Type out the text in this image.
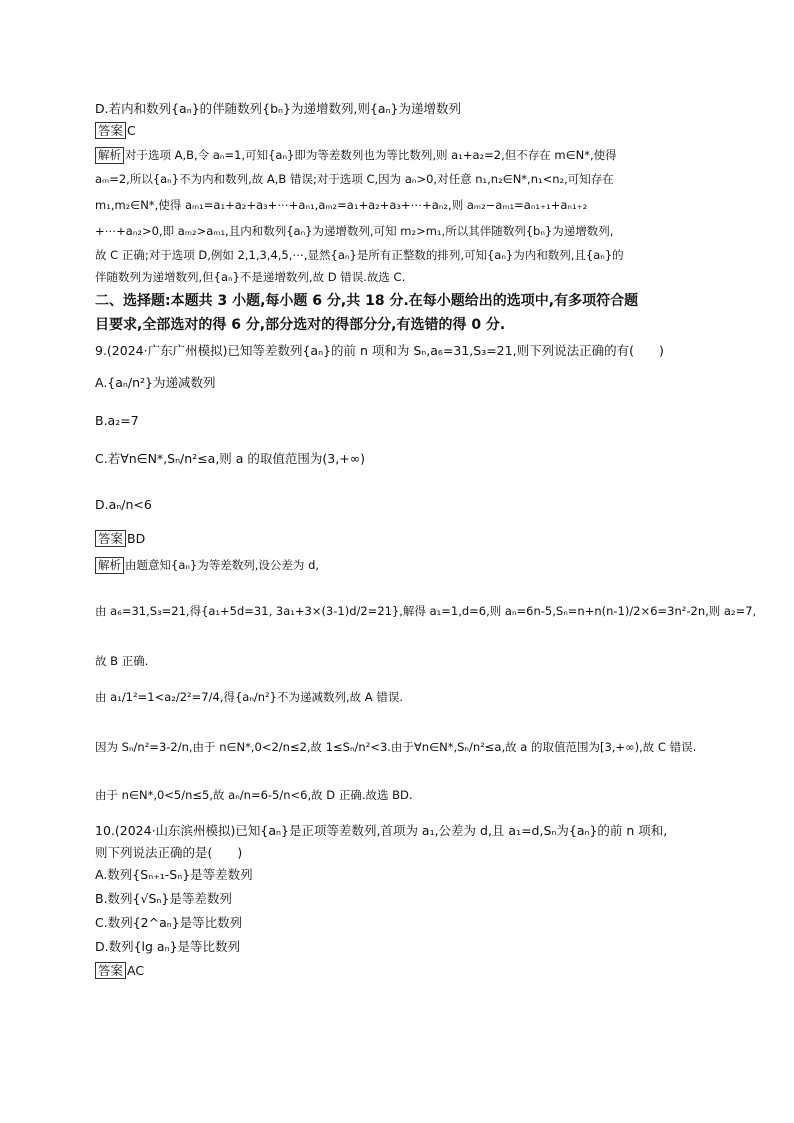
D.若内和数列{aₙ}的伴随数列{bₙ}为递增数列,则{aₙ}为递增数列
答案 C
解析 对于选项 A,B,令 aₙ=1,可知{aₙ}即为等差数列也为等比数列,则 a₁+a₂=2,但不存在 m∈N*,使得
aₘ=2,所以{aₙ}不为内和数列,故 A,B 错误;对于选项 C,因为 aₙ>0,对任意 n₁,n₂∈N*,n₁<n₂,可知存在
m₁,m₂∈N*,使得 aₘ₁=a₁+a₂+a₃+⋯+aₙ₁,aₘ₂=a₁+a₂+a₃+⋯+aₙ₂,则 aₘ₂−aₘ₁=aₙ₁₊₁+aₙ₁₊₂
+⋯+aₙ₂>0,即 aₘ₂>aₘ₁,且内和数列{aₙ}为递增数列,可知 m₂>m₁,所以其伴随数列{bₙ}为递增数列,
故 C 正确;对于选项 D,例如 2,1,3,4,5,⋯,显然{aₙ}是所有正整数的排列,可知{aₙ}为内和数列,且{aₙ}的
伴随数列为递增数列,但{aₙ}不是递增数列,故 D 错误.故选 C.
二、选择题:本题共 3 小题,每小题 6 分,共 18 分.在每小题给出的选项中,有多项符合题
目要求,全部选对的得 6 分,部分选对的得部分分,有选错的得 0 分.
9.(2024·广东广州模拟)已知等差数列{aₙ}的前 n 项和为 Sₙ,a₆=31,S₃=21,则下列说法正确的有(　　)
A.{aₙ/n²}为递减数列
B.a₂=7
C.若∀n∈N*,Sₙ/n²≤a,则 a 的取值范围为(3,+∞)
D.aₙ/n<6
答案 BD
解析 由题意知{aₙ}为等差数列,设公差为 d,
由 a₆=31,S₃=21,得{a₁+5d=31, 3a₁+3×(3-1)d/2=21},解得 a₁=1,d=6,则 aₙ=6n-5,Sₙ=n+n(n-1)/2×6=3n²-2n,则 a₂=7,
故 B 正确.
由 a₁/1²=1<a₂/2²=7/4,得{aₙ/n²}不为递减数列,故 A 错误.
因为 Sₙ/n²=3-2/n,由于 n∈N*,0<2/n≤2,故 1≤Sₙ/n²<3.由于∀n∈N*,Sₙ/n²≤a,故 a 的取值范围为[3,+∞),故 C 错误.
由于 n∈N*,0<5/n≤5,故 aₙ/n=6-5/n<6,故 D 正确.故选 BD.
10.(2024·山东滨州模拟)已知{aₙ}是正项等差数列,首项为 a₁,公差为 d,且 a₁=d,Sₙ为{aₙ}的前 n 项和,
则下列说法正确的是(　　)
A.数列{Sₙ₊₁-Sₙ}是等差数列
B.数列{√Sₙ}是等差数列
C.数列{2^aₙ}是等比数列
D.数列{lg aₙ}是等比数列
答案 AC
